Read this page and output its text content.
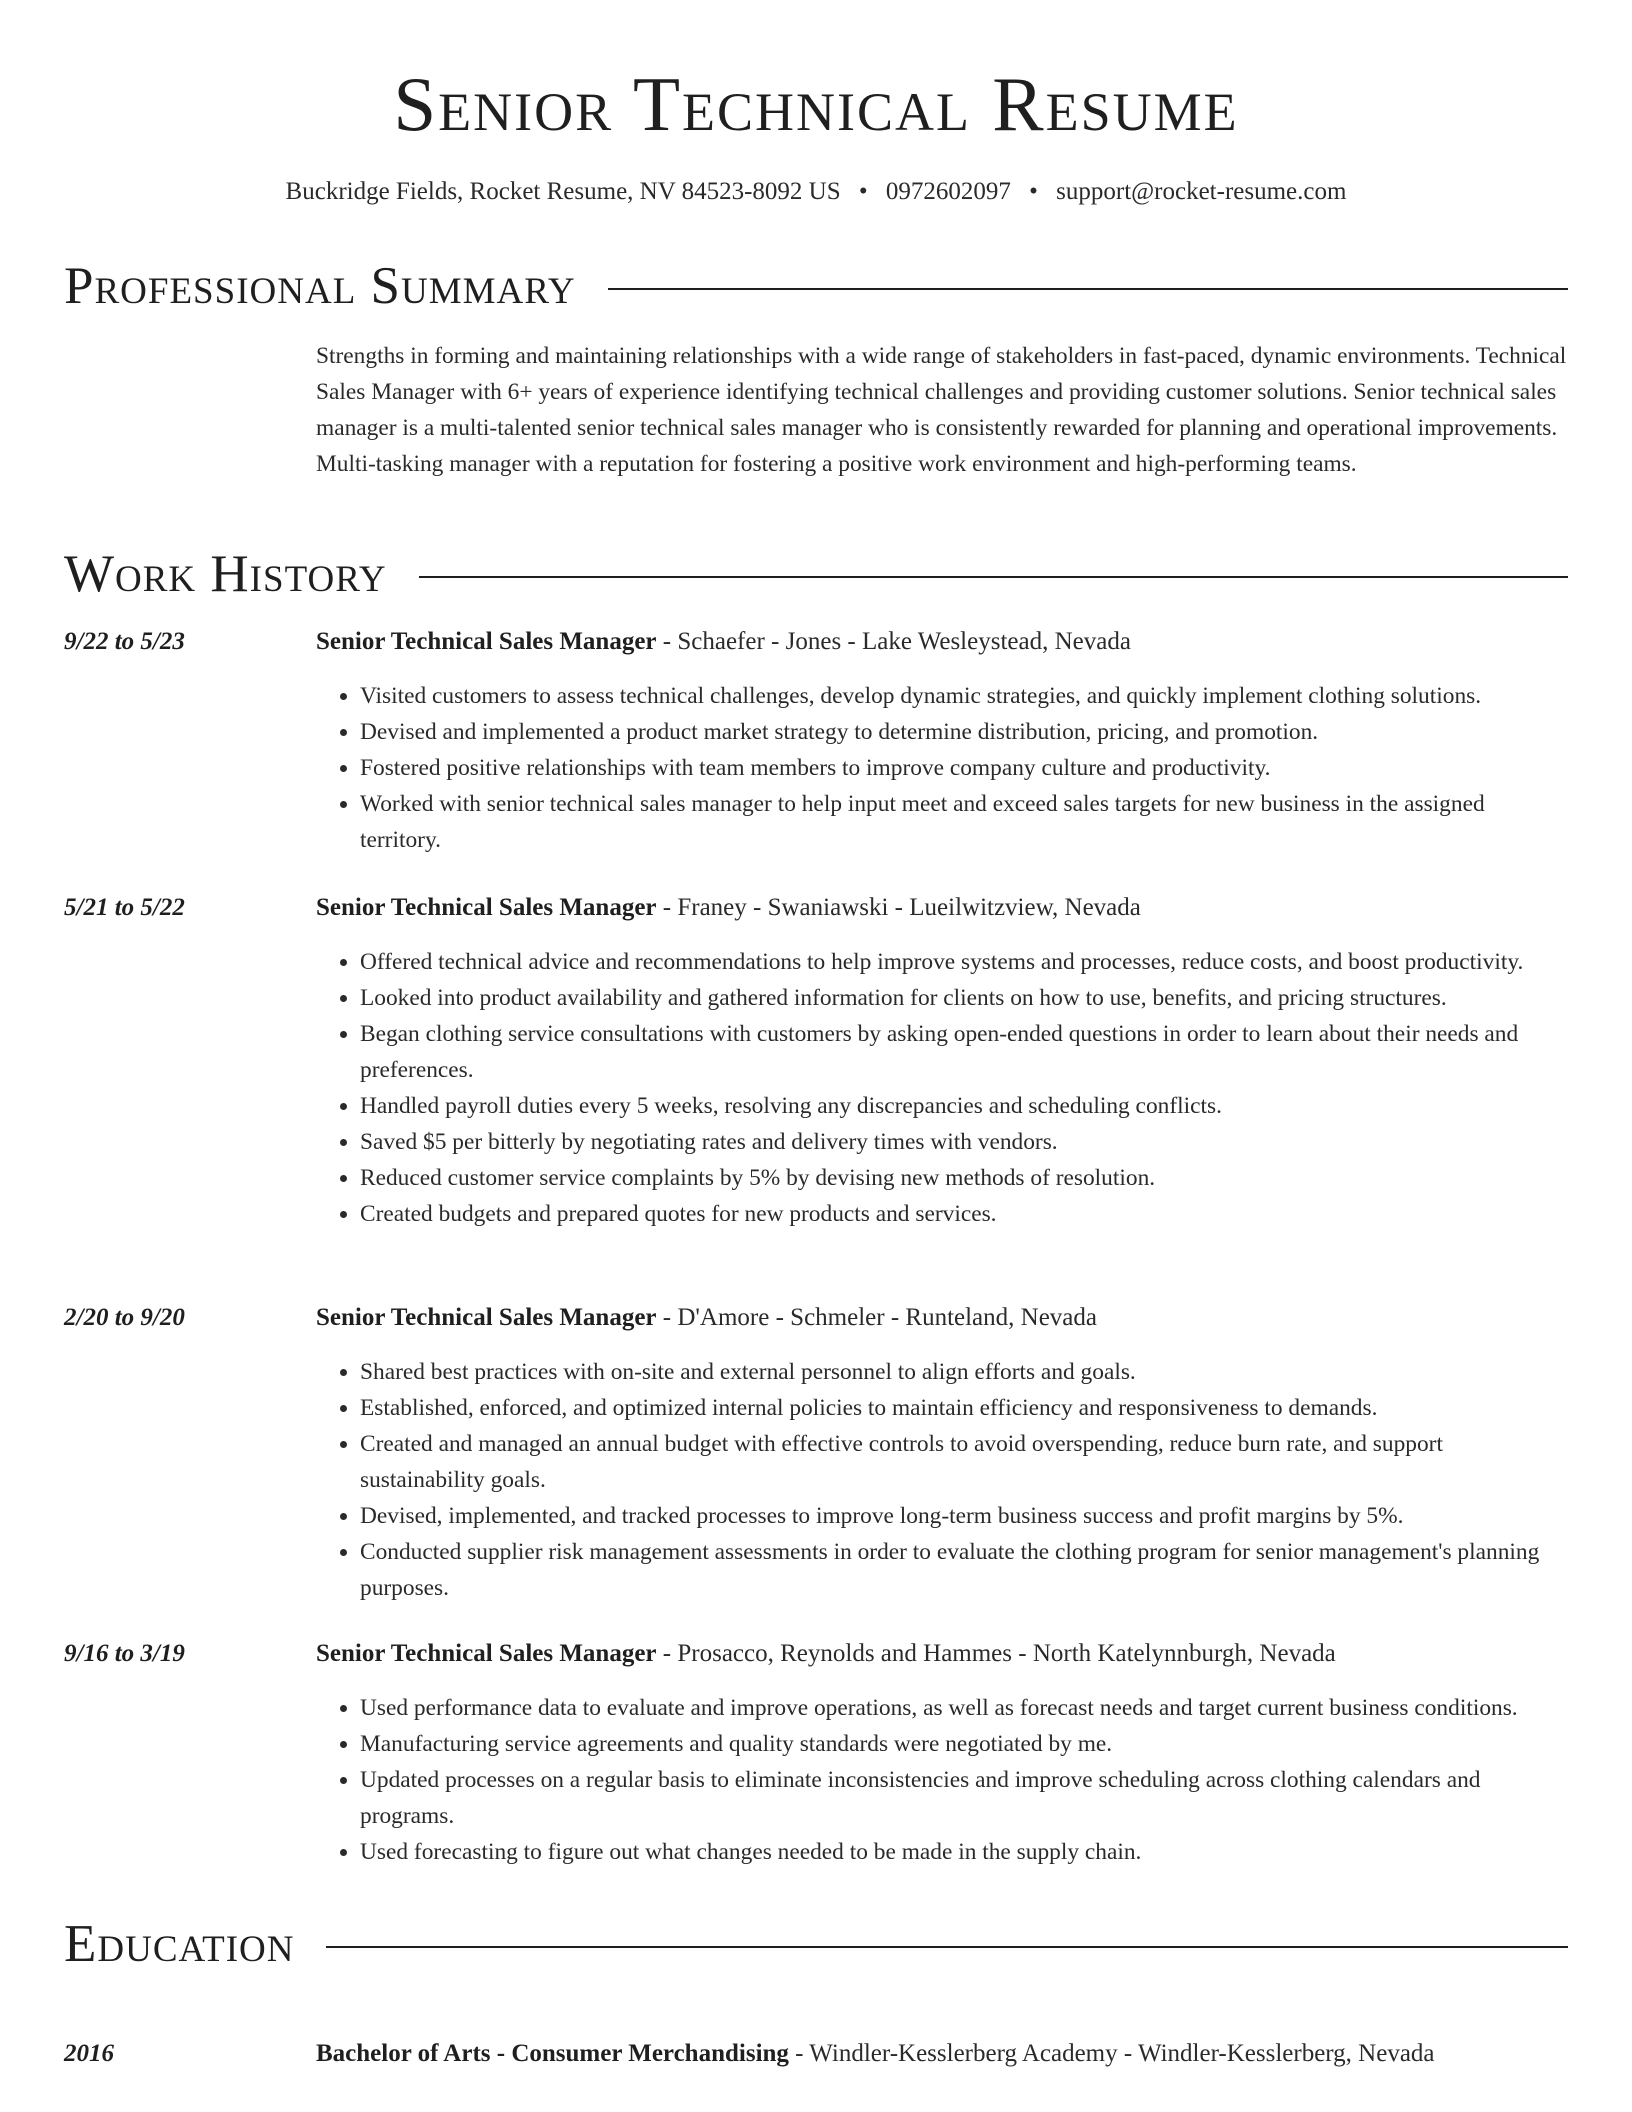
Senior Technical Resume
Buckridge Fields, Rocket Resume, NV 84523-8092 US • 0972602097 • support@rocket-resume.com
Professional Summary

Strengths in forming and maintaining relationships with a wide range of stakeholders in fast-paced, dynamic environments. Technical Sales Manager with 6+ years of experience identifying technical challenges and providing customer solutions. Senior technical sales manager is a multi-talented senior technical sales manager who is consistently rewarded for planning and operational improvements. Multi-tasking manager with a reputation for fostering a positive work environment and high-performing teams.

Work History
9/22 to 5/23	Senior Technical Sales Manager - Schaefer - Jones - Lake Wesleystead, Nevada
• Visited customers to assess technical challenges, develop dynamic strategies, and quickly implement clothing solutions.
• Devised and implemented a product market strategy to determine distribution, pricing, and promotion.
• Fostered positive relationships with team members to improve company culture and productivity.
• Worked with senior technical sales manager to help input meet and exceed sales targets for new business in the assigned territory.
5/21 to 5/22	Senior Technical Sales Manager - Franey - Swaniawski - Lueilwitzview, Nevada
• Offered technical advice and recommendations to help improve systems and processes, reduce costs, and boost productivity.
• Looked into product availability and gathered information for clients on how to use, benefits, and pricing structures.
• Began clothing service consultations with customers by asking open-ended questions in order to learn about their needs and preferences.
• Handled payroll duties every 5 weeks, resolving any discrepancies and scheduling conflicts.
• Saved $5 per bitterly by negotiating rates and delivery times with vendors.
• Reduced customer service complaints by 5% by devising new methods of resolution.
• Created budgets and prepared quotes for new products and services.
2/20 to 9/20	Senior Technical Sales Manager - D'Amore - Schmeler - Runteland, Nevada
• Shared best practices with on-site and external personnel to align efforts and goals.
• Established, enforced, and optimized internal policies to maintain efficiency and responsiveness to demands.
• Created and managed an annual budget with effective controls to avoid overspending, reduce burn rate, and support sustainability goals.
• Devised, implemented, and tracked processes to improve long-term business success and profit margins by 5%.
• Conducted supplier risk management assessments in order to evaluate the clothing program for senior management's planning purposes.
9/16 to 3/19	Senior Technical Sales Manager - Prosacco, Reynolds and Hammes - North Katelynnburgh, Nevada
• Used performance data to evaluate and improve operations, as well as forecast needs and target current business conditions.
• Manufacturing service agreements and quality standards were negotiated by me.
• Updated processes on a regular basis to eliminate inconsistencies and improve scheduling across clothing calendars and programs.
• Used forecasting to figure out what changes needed to be made in the supply chain.
Education
2016	Bachelor of Arts - Consumer Merchandising - Windler-Kesslerberg Academy - Windler-Kesslerberg, Nevada
